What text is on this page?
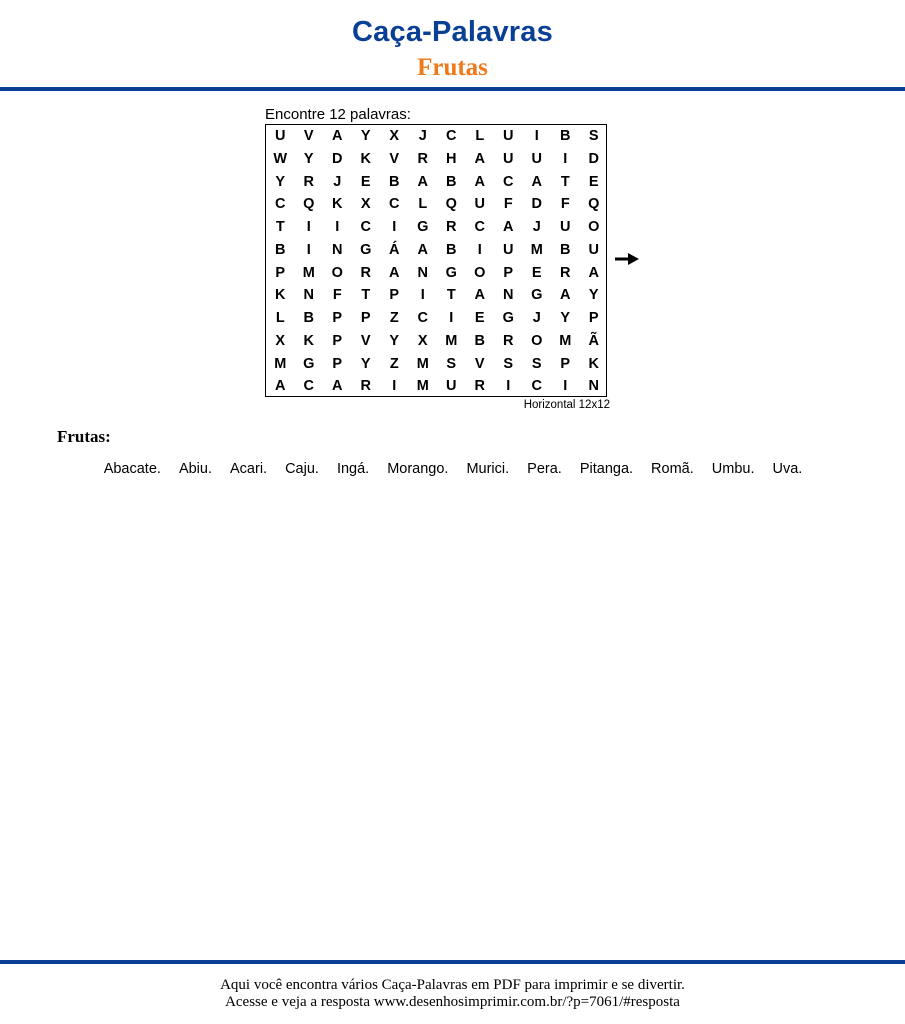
Caça-Palavras
Frutas
Encontre 12 palavras:
U	V	A	Y	X	J	C	L	U	I	B	S
W	Y	D	K	V	R	H	A	U	U	I	D
Y	R	J	E	B	A	B	A	C	A	T	E
C	Q	K	X	C	L	Q	U	F	D	F	Q
T	I	I	C	I	G	R	C	A	J	U	O
B	I	N	G	Á	A	B	I	U	M	B	U
P	M	O	R	A	N	G	O	P	E	R	A
K	N	F	T	P	I	T	A	N	G	A	Y
L	B	P	P	Z	C	I	E	G	J	Y	P
X	K	P	V	Y	X	M	B	R	O	M	Ã
M	G	P	Y	Z	M	S	V	S	S	P	K
A	C	A	R	I	M	U	R	I	C	I	N
Horizontal 12x12
Frutas:
Abacate. Abiu. Acari. Caju. Ingá. Morango. Murici. Pera. Pitanga. Romã. Umbu. Uva.
Aqui você encontra vários Caça-Palavras em PDF para imprimir e se divertir.
Acesse e veja a resposta www.desenhosimprimir.com.br/?p=7061/#resposta
